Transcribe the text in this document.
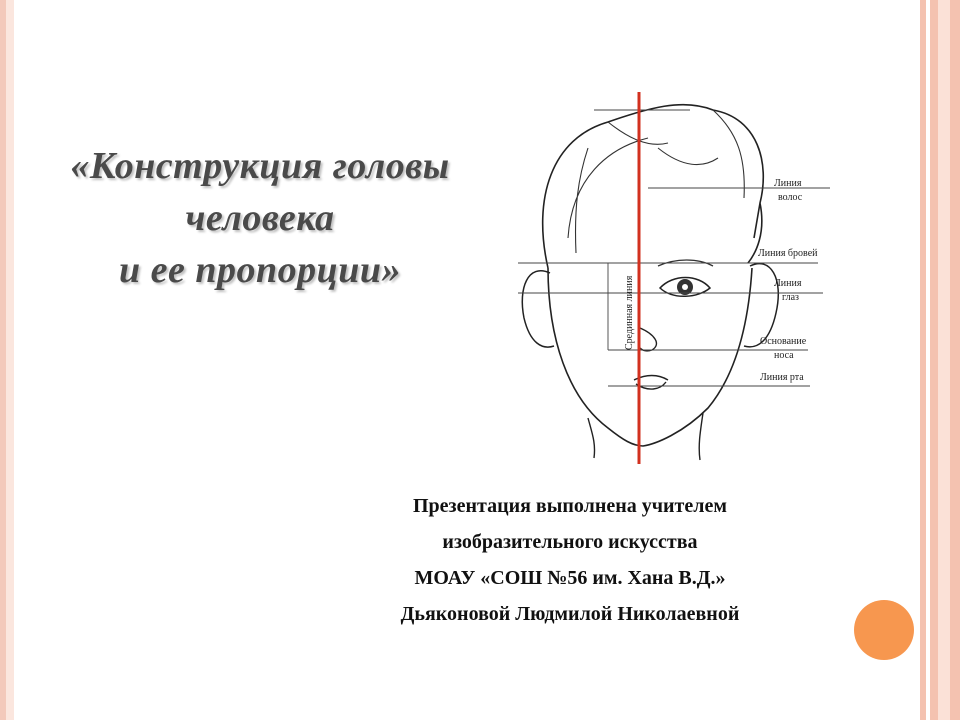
«Конструкция головы
человека
и ее пропорции»
Срединная линия
Линия
волос
Линия бровей
Линия
глаз
Основание
носа
Линия рта
Презентация выполнена учителем
изобразительного искусства
МОАУ «СОШ №56 им. Хана В.Д.»
Дьяконовой Людмилой Николаевной
